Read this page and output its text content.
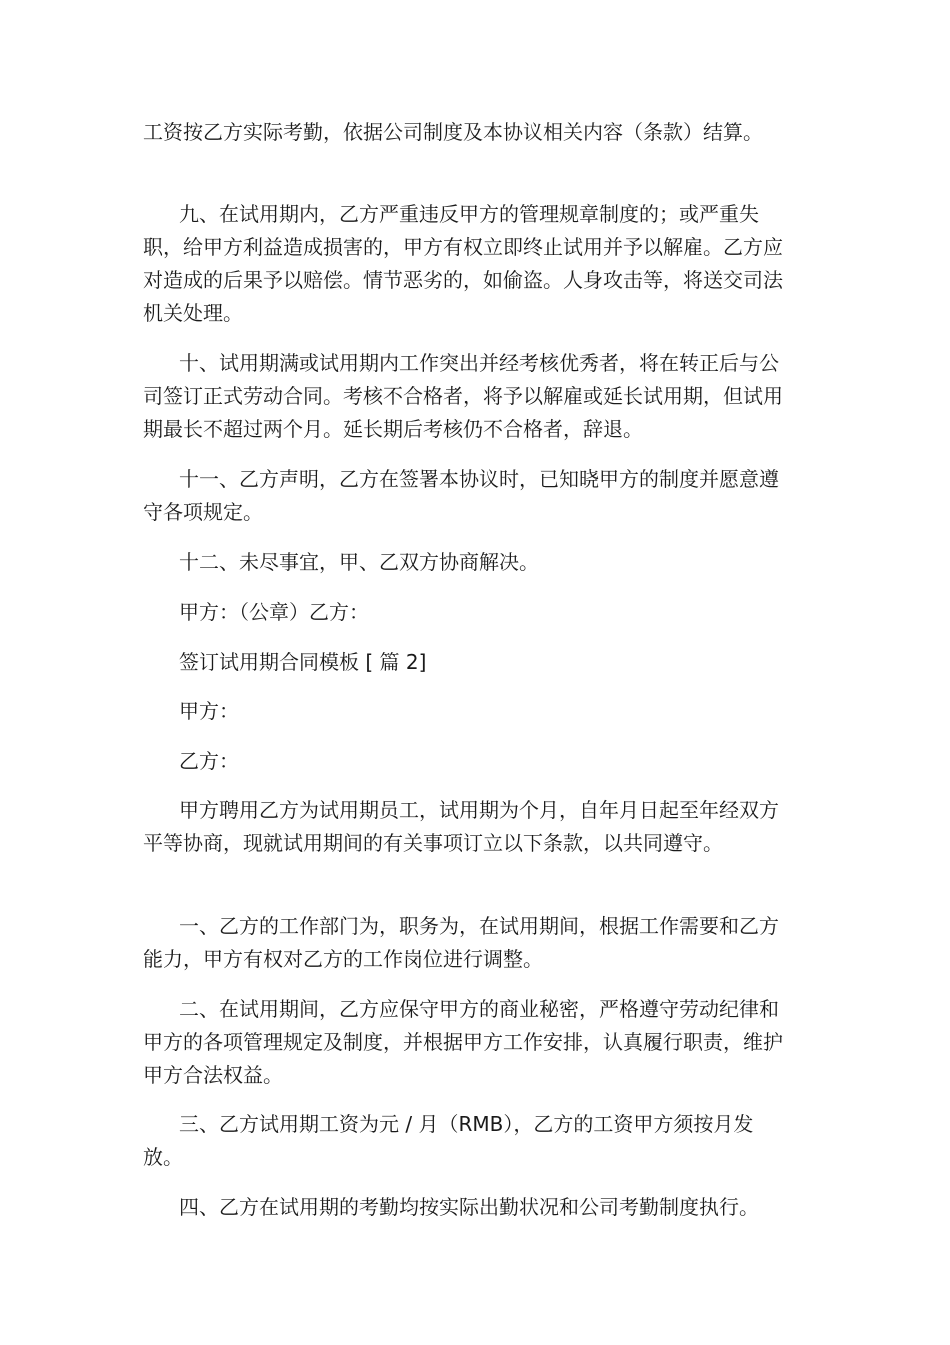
工资按乙方实际考勤，依据公司制度及本协议相关内容（条款）结算。

九、在试用期内，乙方严重违反甲方的管理规章制度的；或严重失职，给甲方利益造成损害的，甲方有权立即终止试用并予以解雇。乙方应对造成的后果予以赔偿。情节恶劣的，如偷盗。人身攻击等，将送交司法机关处理。

十、试用期满或试用期内工作突出并经考核优秀者，将在转正后与公司签订正式劳动合同。考核不合格者，将予以解雇或延长试用期，但试用期最长不超过两个月。延长期后考核仍不合格者，辞退。

十一、乙方声明，乙方在签署本协议时，已知晓甲方的制度并愿意遵守各项规定。

十二、未尽事宜，甲、乙双方协商解决。

甲方：（公章）乙方：

签订试用期合同模板 [ 篇 2]

甲方：

乙方：

甲方聘用乙方为试用期员工，试用期为个月，自年月日起至年经双方平等协商，现就试用期间的有关事项订立以下条款，以共同遵守。

一、乙方的工作部门为，职务为，在试用期间，根据工作需要和乙方能力，甲方有权对乙方的工作岗位进行调整。

二、在试用期间，乙方应保守甲方的商业秘密，严格遵守劳动纪律和甲方的各项管理规定及制度，并根据甲方工作安排，认真履行职责，维护甲方合法权益。

三、乙方试用期工资为元 / 月（RMB），乙方的工资甲方须按月发放。

四、乙方在试用期的考勤均按实际出勤状况和公司考勤制度执行。
